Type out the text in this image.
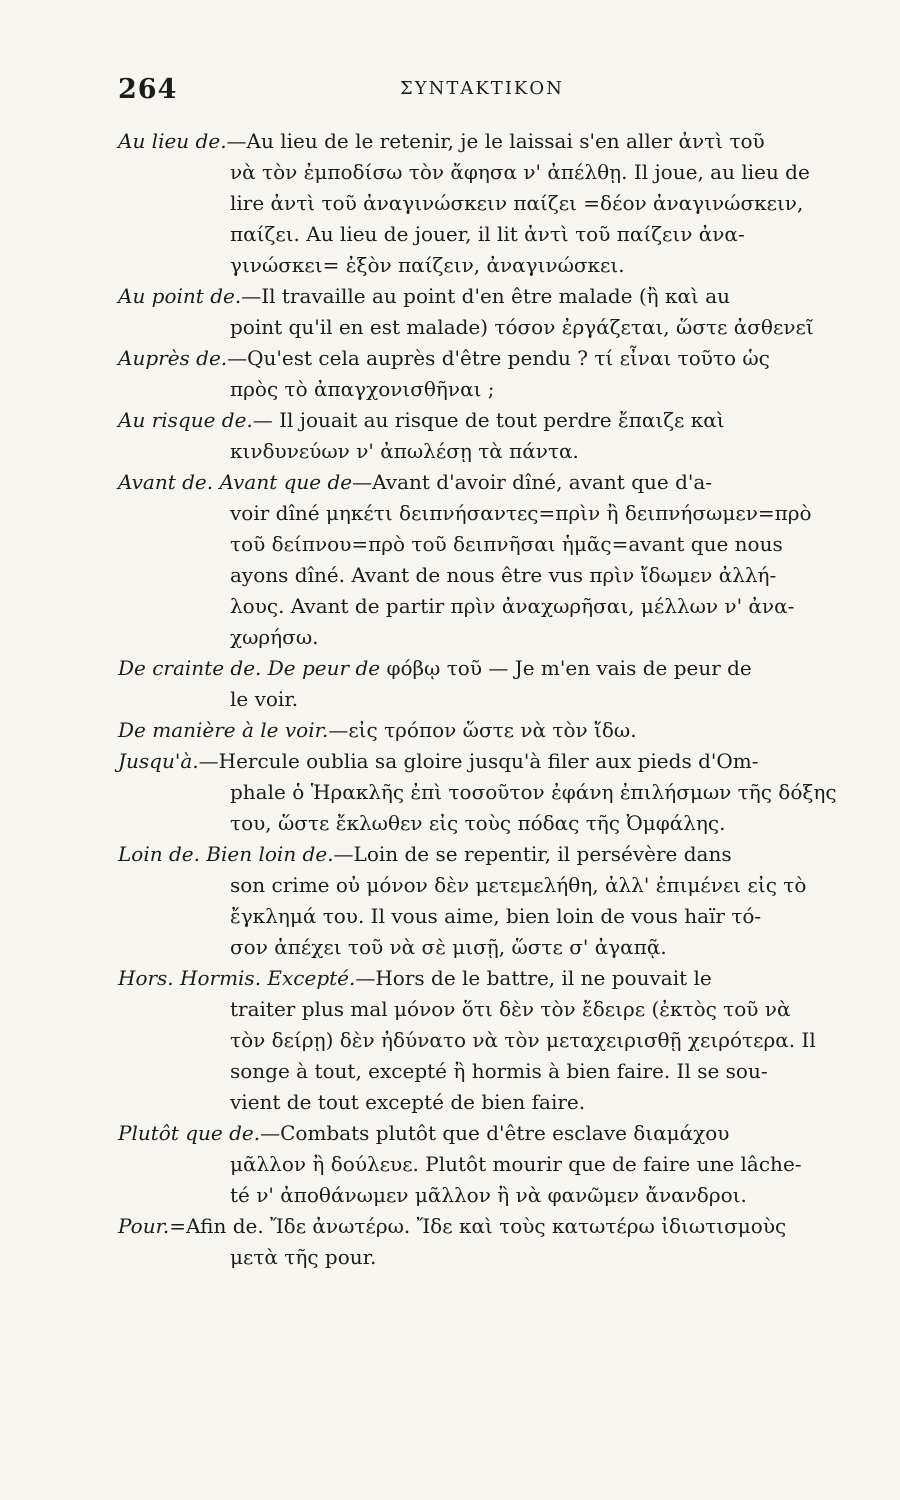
264	ΣΥΝΤΑΚΤΙΚΟΝ
Au lieu de.—Au lieu de le retenir, je le laissai s'en aller ἀντὶ τοῦ
νὰ τὸν ἐμποδίσω τὸν ἄφησα ν' ἀπέλθῃ. Il joue, au lieu de
lire ἀντὶ τοῦ ἀναγινώσκειν παίζει =δέον ἀναγινώσκειν,
παίζει. Au lieu de jouer, il lit ἀντὶ τοῦ παίζειν ἀνα-
γινώσκει= ἐξὸν παίζειν, ἀναγινώσκει.
Au point de.—Il travaille au point d'en être malade (ἢ καὶ au
point qu'il en est malade) τόσον ἐργάζεται, ὥστε ἀσθενεῖ
Auprès de.—Qu'est cela auprès d'être pendu ? τί εἶναι τοῦτο ὡς
πρὸς τὸ ἀπαγχονισθῆναι ;
Au risque de.— Il jouait au risque de tout perdre ἔπαιζε καὶ
κινδυνεύων ν' ἀπωλέσῃ τὰ πάντα.
Avant de. Avant que de—Avant d'avoir dîné, avant que d'a-
voir dîné μηκέτι δειπνήσαντες=πρὶν ἢ δειπνήσωμεν=πρὸ
τοῦ δείπνου=πρὸ τοῦ δειπνῆσαι ἡμᾶς=avant que nous
ayons dîné. Avant de nous être vus πρὶν ἴδωμεν ἀλλή-
λους. Avant de partir πρὶν ἀναχωρῆσαι, μέλλων ν' ἀνα-
χωρήσω.
De crainte de. De peur de φόβῳ τοῦ — Je m'en vais de peur de
le voir.
De manière à le voir.—εἰς τρόπον ὥστε νὰ τὸν ἴδω.
Jusqu'à.—Hercule oublia sa gloire jusqu'à filer aux pieds d'Om-
phale ὁ Ἡρακλῆς ἐπὶ τοσοῦτον ἐφάνη ἐπιλήσμων τῆς δόξης
του, ὥστε ἔκλωθεν εἰς τοὺς πόδας τῆς Ὀμφάλης.
Loin de. Bien loin de.—Loin de se repentir, il persévère dans
son crime οὐ μόνον δὲν μετεμελήθη, ἀλλ' ἐπιμένει εἰς τὸ
ἔγκλημά του. Il vous aime, bien loin de vous haïr τό-
σον ἀπέχει τοῦ νὰ σὲ μισῇ, ὥστε σ' ἀγαπᾷ.
Hors. Hormis. Excepté.—Hors de le battre, il ne pouvait le
traiter plus mal μόνον ὅτι δὲν τὸν ἔδειρε (ἐκτὸς τοῦ νὰ
τὸν δείρῃ) δὲν ἠδύνατο νὰ τὸν μεταχειρισθῇ χειρότερα. Il
songe à tout, excepté ἢ hormis à bien faire. Il se sou-
vient de tout excepté de bien faire.
Plutôt que de.—Combats plutôt que d'être esclave διαμάχου
μᾶλλον ἢ δούλευε. Plutôt mourir que de faire une lâche-
té ν' ἀποθάνωμεν μᾶλλον ἢ νὰ φανῶμεν ἄνανδροι.
Pour.=Afin de. Ἴδε ἀνωτέρω. Ἴδε καὶ τοὺς κατωτέρω ἰδιωτισμοὺς
μετὰ τῆς pour.
